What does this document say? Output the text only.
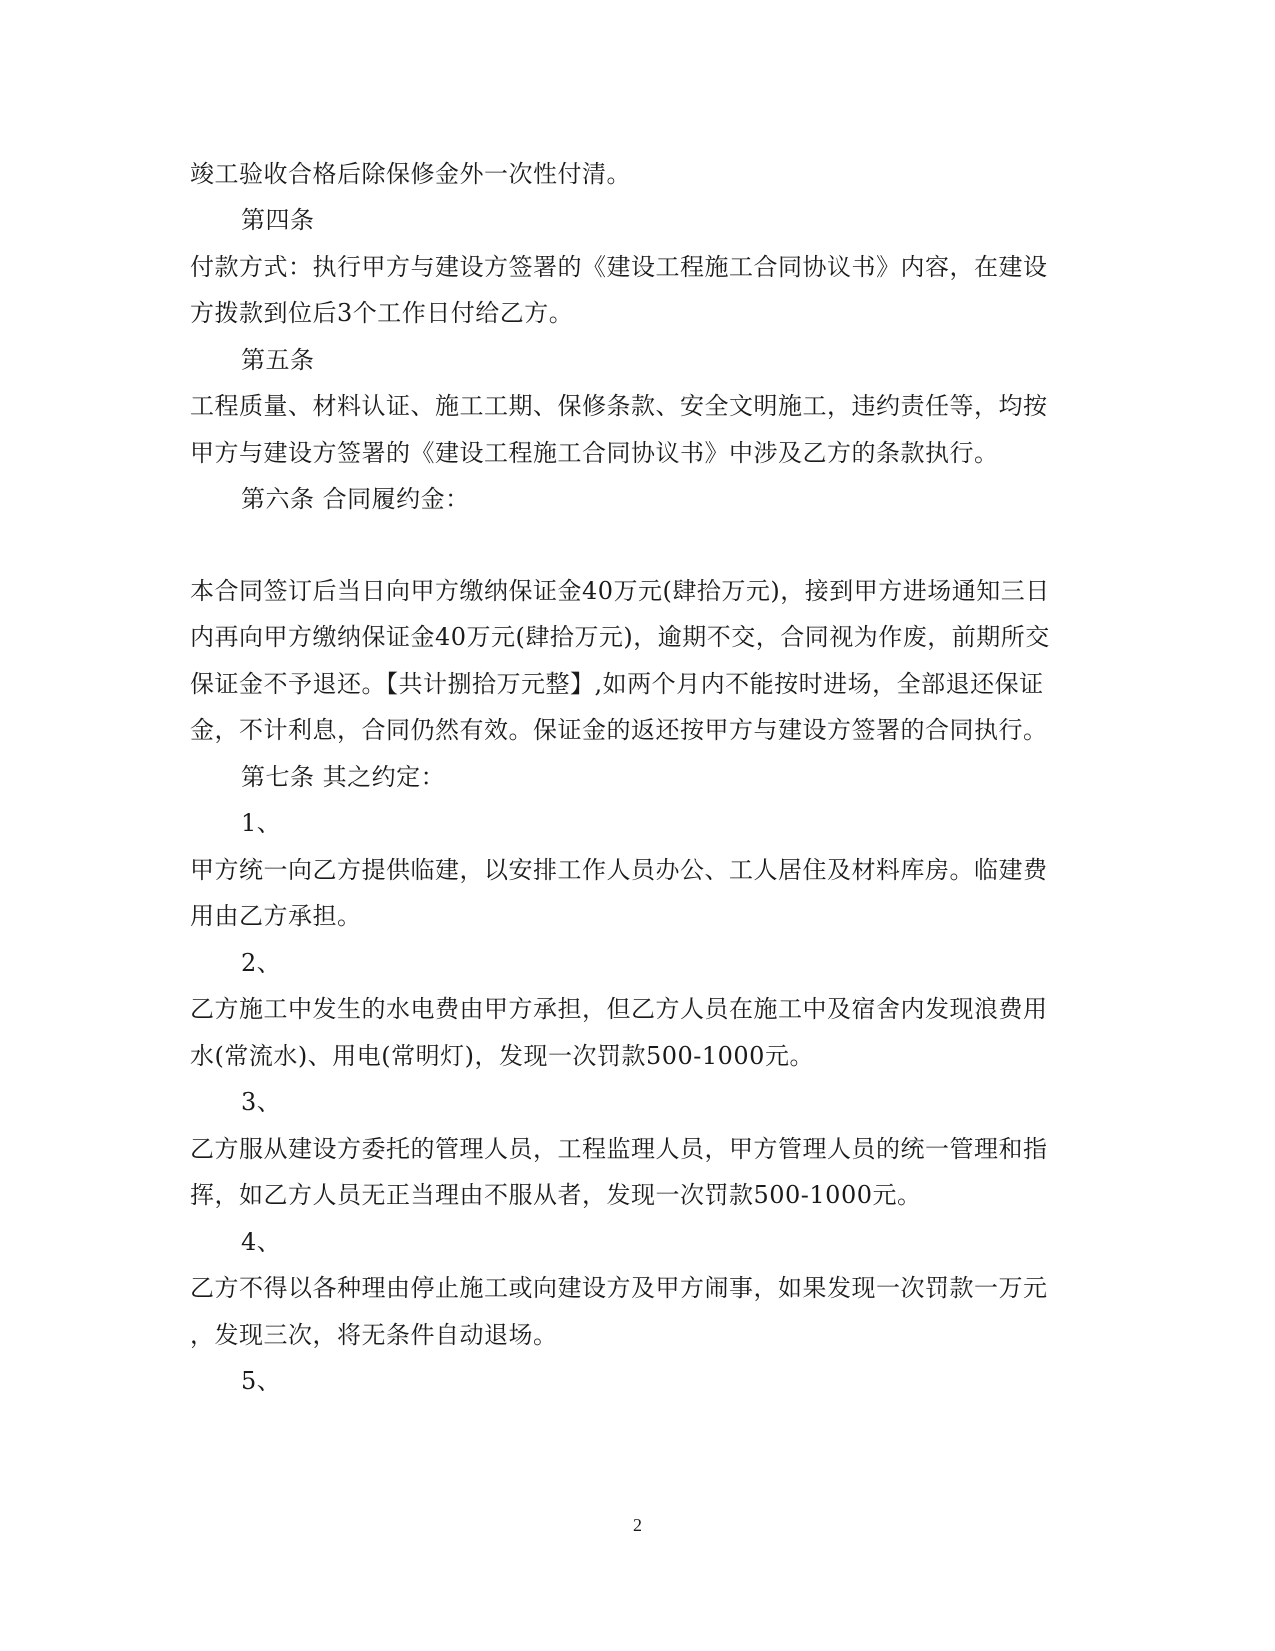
竣工验收合格后除保修金外一次性付清。
第四条
付款方式：执行甲方与建设方签署的《建设工程施工合同协议书》内容，在建设
方拨款到位后3个工作日付给乙方。
第五条
工程质量、材料认证、施工工期、保修条款、安全文明施工，违约责任等，均按
甲方与建设方签署的《建设工程施工合同协议书》中涉及乙方的条款执行。
第六条 合同履约金：
本合同签订后当日向甲方缴纳保证金40万元(肆拾万元)，接到甲方进场通知三日
内再向甲方缴纳保证金40万元(肆拾万元)，逾期不交，合同视为作废，前期所交
保证金不予退还。【共计捌拾万元整】,如两个月内不能按时进场，全部退还保证
金，不计利息，合同仍然有效。保证金的返还按甲方与建设方签署的合同执行。
第七条 其之约定：
1、
甲方统一向乙方提供临建，以安排工作人员办公、工人居住及材料库房。临建费
用由乙方承担。
2、
乙方施工中发生的水电费由甲方承担，但乙方人员在施工中及宿舍内发现浪费用
水(常流水)、用电(常明灯)，发现一次罚款500-1000元。
3、
乙方服从建设方委托的管理人员，工程监理人员，甲方管理人员的统一管理和指
挥，如乙方人员无正当理由不服从者，发现一次罚款500-1000元。
4、
乙方不得以各种理由停止施工或向建设方及甲方闹事，如果发现一次罚款一万元
，发现三次，将无条件自动退场。
5、
2
